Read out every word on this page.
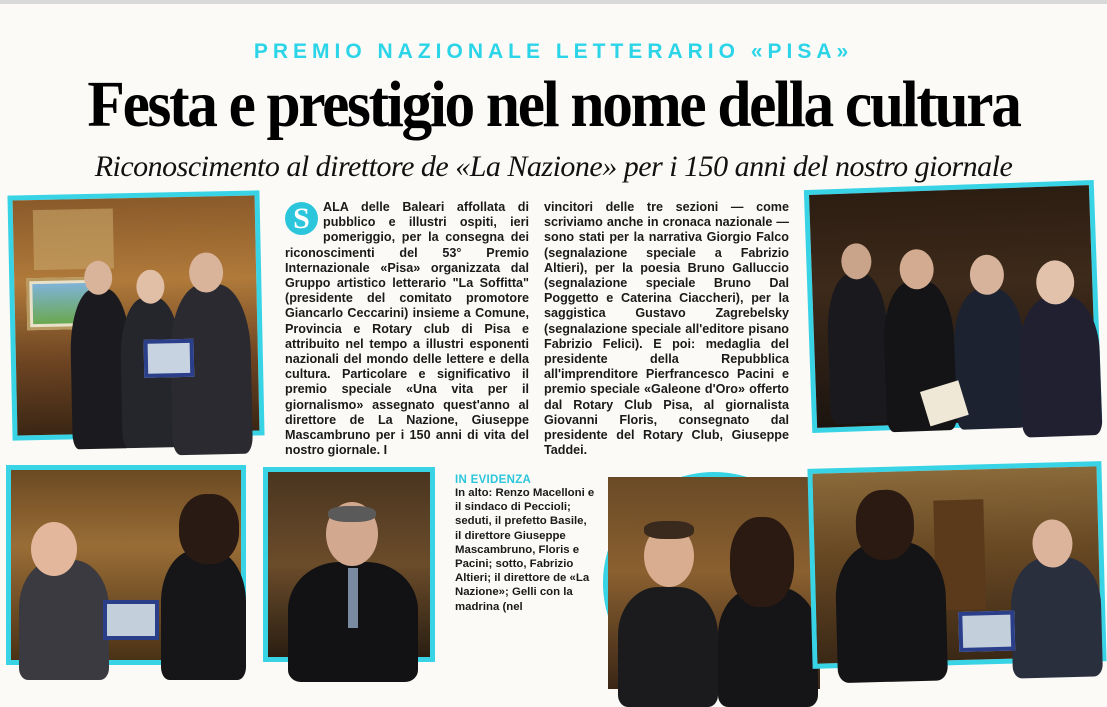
PREMIO NAZIONALE LETTERARIO «PISA»
Festa e prestigio nel nome della cultura
Riconoscimento al direttore de «La Nazione» per i 150 anni del nostro giornale
S	ALA delle Baleari affollata di pubblico e illustri ospiti, ieri pomeriggio, per la consegna dei riconoscimenti del 53° Premio Internazionale «Pisa» organizzata dal Gruppo artistico letterario "La Soffitta" (presidente del comitato promotore Giancarlo Ceccarini) insieme a Comune, Provincia e Rotary club di Pisa e attribuito nel tempo a illustri esponenti nazionali del mondo delle lettere e della cultura. Particolare e significativo il premio speciale «Una vita per il giornalismo» assegnato quest'anno al direttore de La Nazione, Giuseppe Mascambruno per i 150 anni di vita del nostro giornale. I
vincitori delle tre sezioni — come scriviamo anche in cronaca nazionale — sono stati per la narrativa Giorgio Falco (segnalazione speciale a Fabrizio Altieri), per la poesia Bruno Galluccio (segnalazione speciale Bruno Dal Poggetto e Caterina Ciaccheri), per la saggistica Gustavo Zagrebelsky (segnalazione speciale all'editore pisano Fabrizio Felici). E poi: medaglia del presidente della Repubblica all'imprenditore Pierfrancesco Pacini e premio speciale «Galeone d'Oro» offerto dal Rotary Club Pisa, al giornalista Giovanni Floris, consegnato dal presidente del Rotary Club, Giuseppe Taddei.
IN EVIDENZA
In alto: Renzo Macelloni e il sindaco di Peccioli; seduti, il prefetto Basile, il direttore Giuseppe Mascambruno, Floris e Pacini; sotto, Fabrizio Altieri; il direttore de «La Nazione»; Gelli con la madrina (nel
